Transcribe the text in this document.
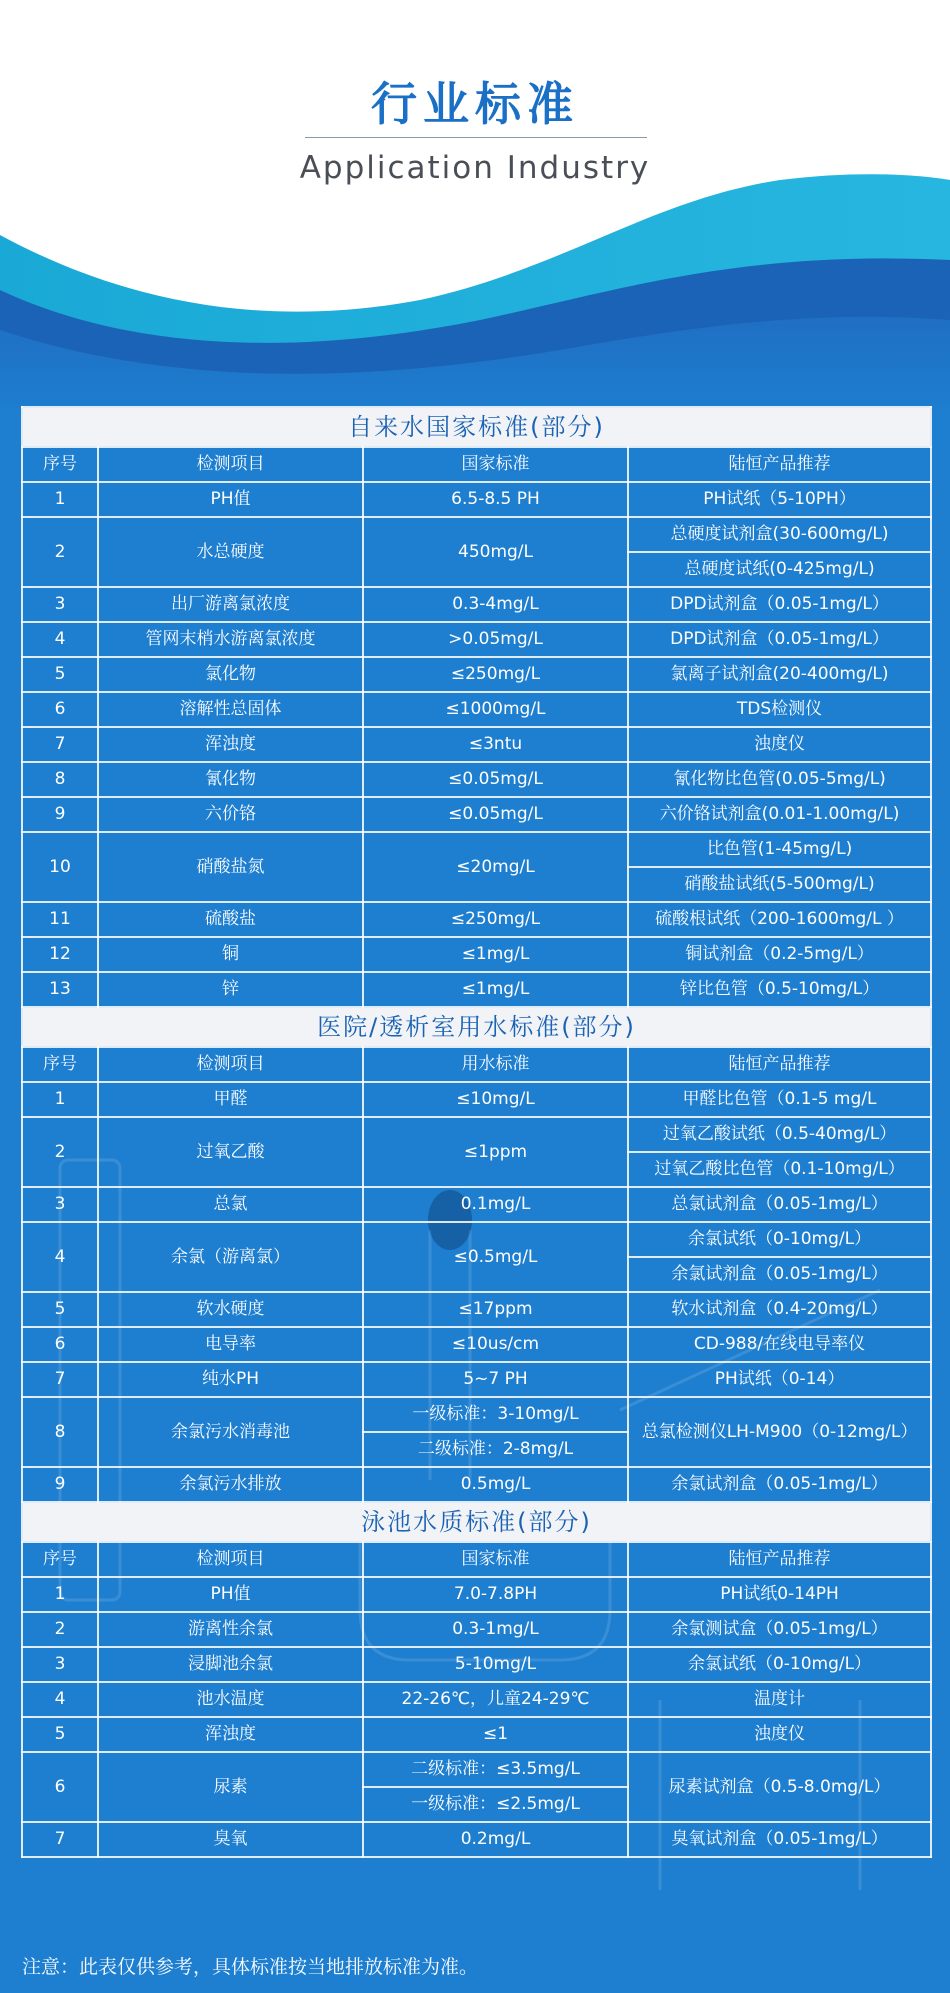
行业标准
Application Industry
自来水国家标准(部分)			
序号	检测项目	国家标准	陆恒产品推荐
1	PH值	6.5-8.5 PH	PH试纸（5-10PH）
2	水总硬度	450mg/L	总硬度试剂盒(30-600mg/L)
			总硬度试纸(0-425mg/L)
3	出厂游离氯浓度	0.3-4mg/L	DPD试剂盒（0.05-1mg/L）
4	管网末梢水游离氯浓度	>0.05mg/L	DPD试剂盒（0.05-1mg/L）
5	氯化物	≤250mg/L	氯离子试剂盒(20-400mg/L)
6	溶解性总固体	≤1000mg/L	TDS检测仪
7	浑浊度	≤3ntu	浊度仪
8	氰化物	≤0.05mg/L	氰化物比色管(0.05-5mg/L)
9	六价铬	≤0.05mg/L	六价铬试剂盒(0.01-1.00mg/L)
10	硝酸盐氮	≤20mg/L	比色管(1-45mg/L)
			硝酸盐试纸(5-500mg/L)
11	硫酸盐	≤250mg/L	硫酸根试纸（200-1600mg/L ）
12	铜	≤1mg/L	铜试剂盒（0.2-5mg/L）
13	锌	≤1mg/L	锌比色管（0.5-10mg/L）
医院/透析室用水标准(部分)			
序号	检测项目	用水标准	陆恒产品推荐
1	甲醛	≤10mg/L	甲醛比色管（0.1-5 mg/L
2	过氧乙酸	≤1ppm	过氧乙酸试纸（0.5-40mg/L）
			过氧乙酸比色管（0.1-10mg/L）
3	总氯	0.1mg/L	总氯试剂盒（0.05-1mg/L）
4	余氯（游离氯）	≤0.5mg/L	余氯试纸（0-10mg/L）
			余氯试剂盒（0.05-1mg/L）
5	软水硬度	≤17ppm	软水试剂盒（0.4-20mg/L）
6	电导率	≤10us/cm	CD-988/在线电导率仪
7	纯水PH	5~7 PH	PH试纸（0-14）
8	余氯污水消毒池	一级标准：3-10mg/L	总氯检测仪LH-M900（0-12mg/L）
		二级标准：2-8mg/L	
9	余氯污水排放	0.5mg/L	余氯试剂盒（0.05-1mg/L）
泳池水质标准(部分)			
序号	检测项目	国家标准	陆恒产品推荐
1	PH值	7.0-7.8PH	PH试纸0-14PH
2	游离性余氯	0.3-1mg/L	余氯测试盒（0.05-1mg/L）
3	浸脚池余氯	5-10mg/L	余氯试纸（0-10mg/L）
4	池水温度	22-26℃，儿童24-29℃	温度计
5	浑浊度	≤1	浊度仪
6	尿素	二级标准：≤3.5mg/L	尿素试剂盒（0.5-8.0mg/L）
		一级标准：≤2.5mg/L	
7	臭氧	0.2mg/L	臭氧试剂盒（0.05-1mg/L）
注意：此表仅供参考，具体标准按当地排放标准为准。
